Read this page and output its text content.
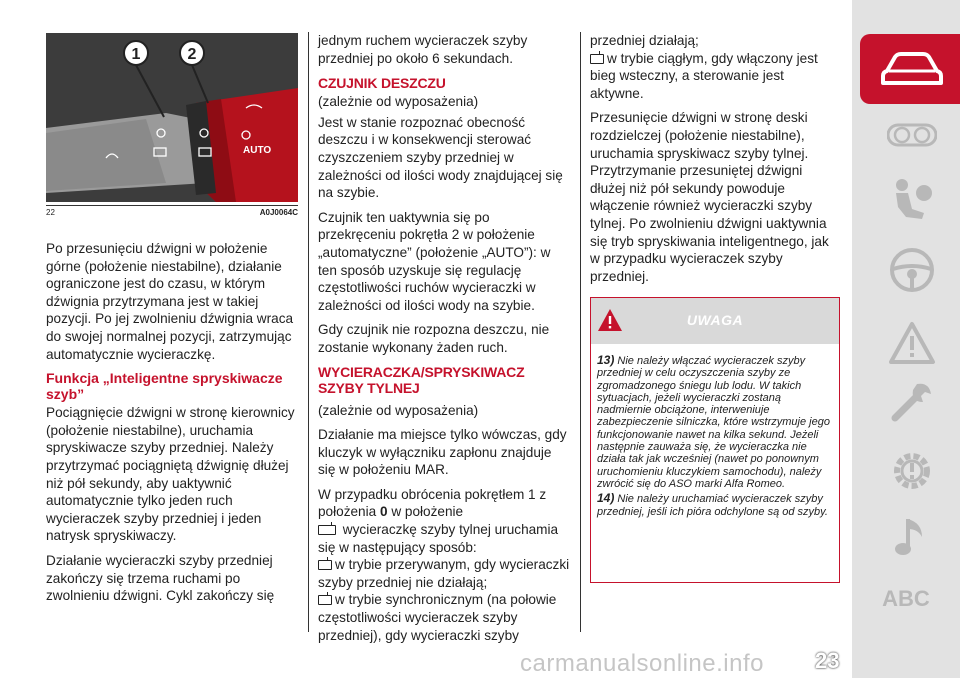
1	2
AUTO
22	A0J0064C

Po przesunięciu dźwigni w położenie górne (położenie niestabilne), działanie ograniczone jest do czasu, w którym dźwignia przytrzymana jest w takiej pozycji. Po jej zwolnieniu dźwignia wraca do swojej normalnej pozycji, zatrzymując automatycznie wycieraczkę.

Funkcja „Inteligentne spryskiwacze szyb”

Pociągnięcie dźwigni w stronę kierownicy (położenie niestabilne), uruchamia spryskiwacze szyby przedniej. Należy przytrzymać pociągniętą dźwignię dłużej niż pół sekundy, aby uaktywnić automatycznie tylko jeden ruch wycieraczek szyby przedniej i jeden natrysk spryskiwaczy.

Działanie wycieraczki szyby przedniej zakończy się trzema ruchami po zwolnieniu dźwigni. Cykl zakończy się

jednym ruchem wycieraczek szyby przedniej po około 6 sekundach.

CZUJNIK DESZCZU

(zależnie od wyposażenia)

Jest w stanie rozpoznać obecność deszczu i w konsekwencji sterować czyszczeniem szyby przedniej w zależności od ilości wody znajdującej się na szybie.

Czujnik ten uaktywnia się po przekręceniu pokrętła 2 w położenie „automatyczne” (położenie „AUTO”): w ten sposób uzyskuje się regulację częstotliwości ruchów wycieraczki w zależności od ilości wody na szybie.

Gdy czujnik nie rozpozna deszczu, nie zostanie wykonany żaden ruch.

WYCIERACZKA/SPRYSKIWACZ SZYBY TYLNEJ

(zależnie od wyposażenia)

Działanie ma miejsce tylko wówczas, gdy kluczyk w wyłączniku zapłonu znajduje się w położeniu MAR.

W przypadku obrócenia pokrętłem 1 z położenia 0 w położenie
wycieraczkę szyby tylnej uruchamia się w następujący sposób:

w trybie przerywanym, gdy wycieraczki szyby przedniej nie działają;

w trybie synchronicznym (na połowie częstotliwości wycieraczek szyby przedniej), gdy wycieraczki szyby

przedniej działają;

w trybie ciągłym, gdy włączony jest bieg wsteczny, a sterowanie jest aktywne.

Przesunięcie dźwigni w stronę deski rozdzielczej (położenie niestabilne), uruchamia spryskiwacz szyby tylnej. Przytrzymanie przesuniętej dźwigni dłużej niż pół sekundy powoduje włączenie również wycieraczki szyby tylnej. Po zwolnieniu dźwigni uaktywnia się tryb spryskiwania inteligentnego, jak w przypadku wycieraczek szyby przedniej.

UWAGA

13) Nie należy włączać wycieraczek szyby przedniej w celu oczyszczenia szyby ze zgromadzonego śniegu lub lodu. W takich sytuacjach, jeżeli wycieraczki zostaną nadmiernie obciążone, interweniuje zabezpieczenie silniczka, które wstrzymuje jego funkcjonowanie nawet na kilka sekund. Jeżeli następnie zauważa się, że wycieraczka nie działa tak jak wcześniej (nawet po ponownym uruchomieniu kluczykiem samochodu), należy zwrócić się do ASO marki Alfa Romeo.

14) Nie należy uruchamiać wycieraczek szyby przedniej, jeśli ich pióra odchylone są od szyby.

ABC
carmanualsonline.info 23
